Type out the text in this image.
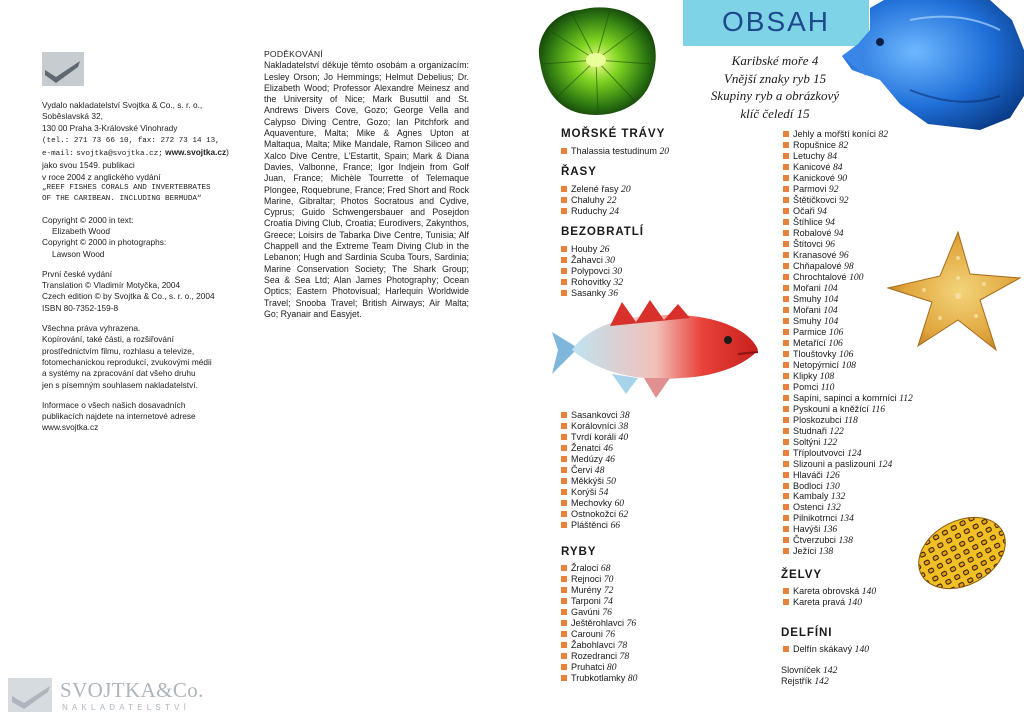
Vydalo nakladatelství Svojtka & Co., s. r. o.,
Soběslavská 32,
130 00 Praha 3-Královské Vinohrady
(tel.: 271 73 66 10, fax: 272 73 14 13,
e-mail: svojtka@svojtka.cz; www.svojtka.cz)
jako svou 1549. publikaci
v roce 2004 z anglického vydání
„REEF FISHES CORALS AND INVERTEBRATES
OF THE CARIBEAN. INCLUDING BERMUDA“
Copyright © 2000 in text:
Elizabeth Wood
Copyright © 2000 in photographs:
Lawson Wood
První české vydání
Translation © Vladimír Motyčka, 2004
Czech edition © by Svojtka & Co., s. r. o., 2004
ISBN 80-7352-159-8
Všechna práva vyhrazena.
Kopírování, také části, a rozšiřování
prostřednictvím filmu, rozhlasu a televize,
fotomechanickou reprodukcí, zvukovými médii
a systémy na zpracování dat všeho druhu
jen s písemným souhlasem nakladatelství.
Informace o všech našich dosavadních
publikacích najdete na internetové adrese
www.svojtka.cz
PODĚKOVÁNÍ

Nakladatelství děkuje těmto osobám a organizacím: Lesley Orson; Jo Hemmings; Helmut Debelius; Dr. Elizabeth Wood; Professor Alexandre Meinesz and the University of Nice; Mark Busuttil and St. Andrews Divers Cove, Gozo; George Vella and Calypso Diving Centre, Gozo; Ian Pitchfork and Aquaventure, Malta; Mike & Agnes Upton at Maltaqua, Malta; Mike Mandale, Ramon Siliceo and Xalco Dive Centre, L'Estartit, Spain; Mark & Diana Davies, Valbonne, France; Igor Indjein from Golf Juan, France; Michèle Tourrette of Telemaque Plongee, Roquebrune, France; Fred Short and Rock Marine, Gibraltar; Photos Socratous and Cydive, Cyprus; Guido Schwengersbauer and Posejdon Croatia Diving Club, Croatia; Eurodivers, Zakynthos, Greece; Loisirs de Tabarka Dive Centre, Tunisia; Alf Chappell and the Extreme Team Diving Club in the Lebanon; Hugh and Sardinia Scuba Tours, Sardinia; Marine Conservation Society; The Shark Group; Sea & Sea Ltd; Alan James Photography; Ocean Optics; Eastern Photovisual; Harlequin Worldwide Travel; Snooba Travel; British Airways; Air Malta; Go; Ryanair and Easyjet.

SVOJTKA&Co.
NAKLADATELSTVÍ
OBSAH
Karibské moře 4
Vnější znaky ryb 15
Skupiny ryb a obrázkový
klíč čeledí 15
MOŘSKÉ TRÁVY
Thalassia testudinum 20
ŘASY
Zelené řasy 20
Chaluhy 22
Ruduchy 24
BEZOBRATLÍ
Houby 26
Žahavci 30
Polypovci 30
Rohovitky 32
Sasanky 36
Sasankovci 38
Korálovníci 38
Tvrdí koráli 40
Ženatci 46
Medúzy 46
Červi 48
Měkkýši 50
Korýši 54
Mechovky 60
Ostnokožci 62
Pláštěnci 66
RYBY
Žraloci 68
Rejnoci 70
Murény 72
Tarponi 74
Gavúni 76
Ještěrohlavci 76
Carouni 76
Žabohlavci 78
Rozedranci 78
Pruhatci 80
Trubkotlamky 80
Jehly a mořští koníci 82
Ropušnice 82
Letuchy 84
Kanicové 84
Kanickové 90
Parmovi 92
Štětičkovci 92
Očaři 94
Štíhlice 94
Robalové 94
Štítovci 96
Kranasové 96
Chňapalové 98
Chrochtalové 100
Mořani 104
Smuhy 104
Mořani 104
Smuhy 104
Parmice 106
Metařící 106
Tlouštovky 106
Netopýrnicí 108
Klipky 108
Pomci 110
Sapíni, sapinci a komrníci 112
Pyskouni a kněžící 116
Ploskozubci 118
Studnaři 122
Soltýni 122
Tříploutvovci 124
Slizouni a paslizouni 124
Hlaváči 126
Bodloci 130
Kambaly 132
Ostenci 132
Pilnikotrnci 134
Havýši 136
Čtverzubci 138
Ježíci 138
ŽELVY
Kareta obrovská 140
Kareta pravá 140
DELFÍNI
Delfín skákavý 140
Slovníček 142
Rejstřík 142
